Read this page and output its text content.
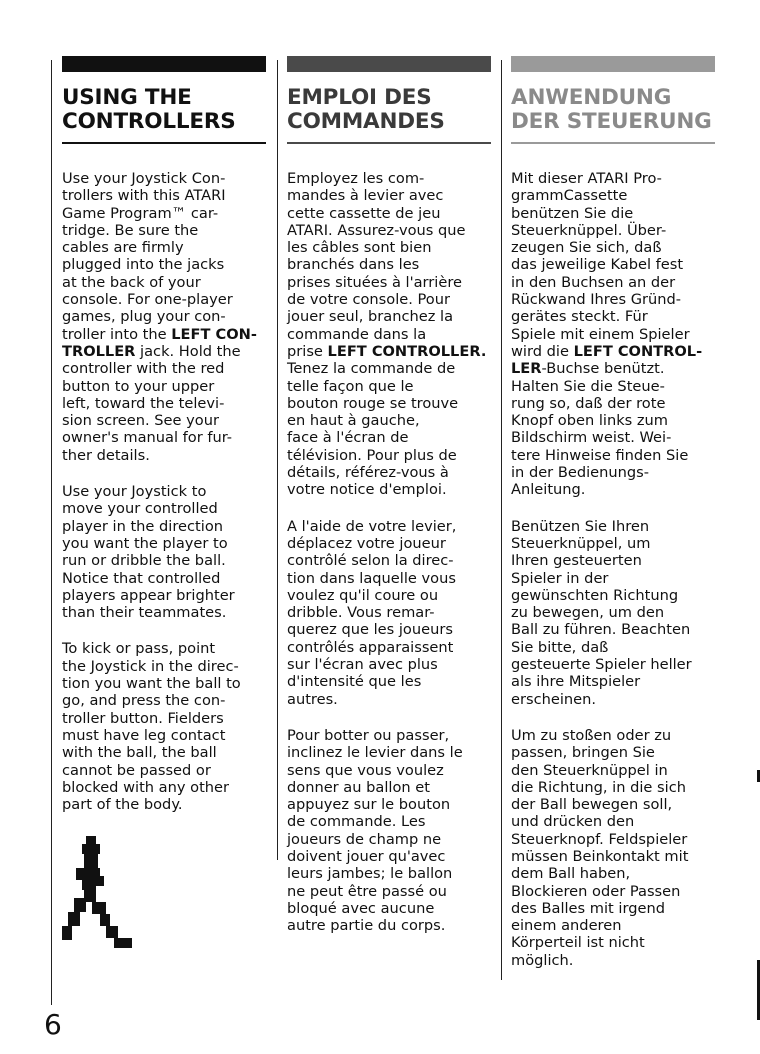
USING THE
CONTROLLERS
Use your Joystick Con-
trollers with this ATARI
Game Program™ car-
tridge. Be sure the
cables are firmly
plugged into the jacks
at the back of your
console. For one-player
games, plug your con-
troller into the LEFT CON-
TROLLER jack. Hold the
controller with the red
button to your upper
left, toward the televi-
sion screen. See your
owner's manual for fur-
ther details.
Use your Joystick to
move your controlled
player in the direction
you want the player to
run or dribble the ball.
Notice that controlled
players appear brighter
than their teammates.
To kick or pass, point
the Joystick in the direc-
tion you want the ball to
go, and press the con-
troller button. Fielders
must have leg contact
with the ball, the ball
cannot be passed or
blocked with any other
part of the body.
EMPLOI DES
COMMANDES
Employez les com-
mandes à levier avec
cette cassette de jeu
ATARI. Assurez-vous que
les câbles sont bien
branchés dans les
prises situées à l'arrière
de votre console. Pour
jouer seul, branchez la
commande dans la
prise LEFT CONTROLLER.
Tenez la commande de
telle façon que le
bouton rouge se trouve
en haut à gauche,
face à l'écran de
télévision. Pour plus de
détails, référez-vous à
votre notice d'emploi.
A l'aide de votre levier,
déplacez votre joueur
contrôlé selon la direc-
tion dans laquelle vous
voulez qu'il coure ou
dribble. Vous remar-
querez que les joueurs
contrôlés apparaissent
sur l'écran avec plus
d'intensité que les
autres.
Pour botter ou passer,
inclinez le levier dans le
sens que vous voulez
donner au ballon et
appuyez sur le bouton
de commande. Les
joueurs de champ ne
doivent jouer qu'avec
leurs jambes; le ballon
ne peut être passé ou
bloqué avec aucune
autre partie du corps.
ANWENDUNG
DER STEUERUNG
Mit dieser ATARI Pro-
grammCassette
benützen Sie die
Steuerknüppel. Über-
zeugen Sie sich, daß
das jeweilige Kabel fest
in den Buchsen an der
Rückwand Ihres Gründ-
gerätes steckt. Für
Spiele mit einem Spieler
wird die LEFT CONTROL-
LER-Buchse benützt.
Halten Sie die Steue-
rung so, daß der rote
Knopf oben links zum
Bildschirm weist. Wei-
tere Hinweise finden Sie
in der Bedienungs-
Anleitung.
Benützen Sie Ihren
Steuerknüppel, um
Ihren gesteuerten
Spieler in der
gewünschten Richtung
zu bewegen, um den
Ball zu führen. Beachten
Sie bitte, daß
gesteuerte Spieler heller
als ihre Mitspieler
erscheinen.
Um zu stoßen oder zu
passen, bringen Sie
den Steuerknüppel in
die Richtung, in die sich
der Ball bewegen soll,
und drücken den
Steuerknopf. Feldspieler
müssen Beinkontakt mit
dem Ball haben,
Blockieren oder Passen
des Balles mit irgend
einem anderen
Körperteil ist nicht
möglich.
6
